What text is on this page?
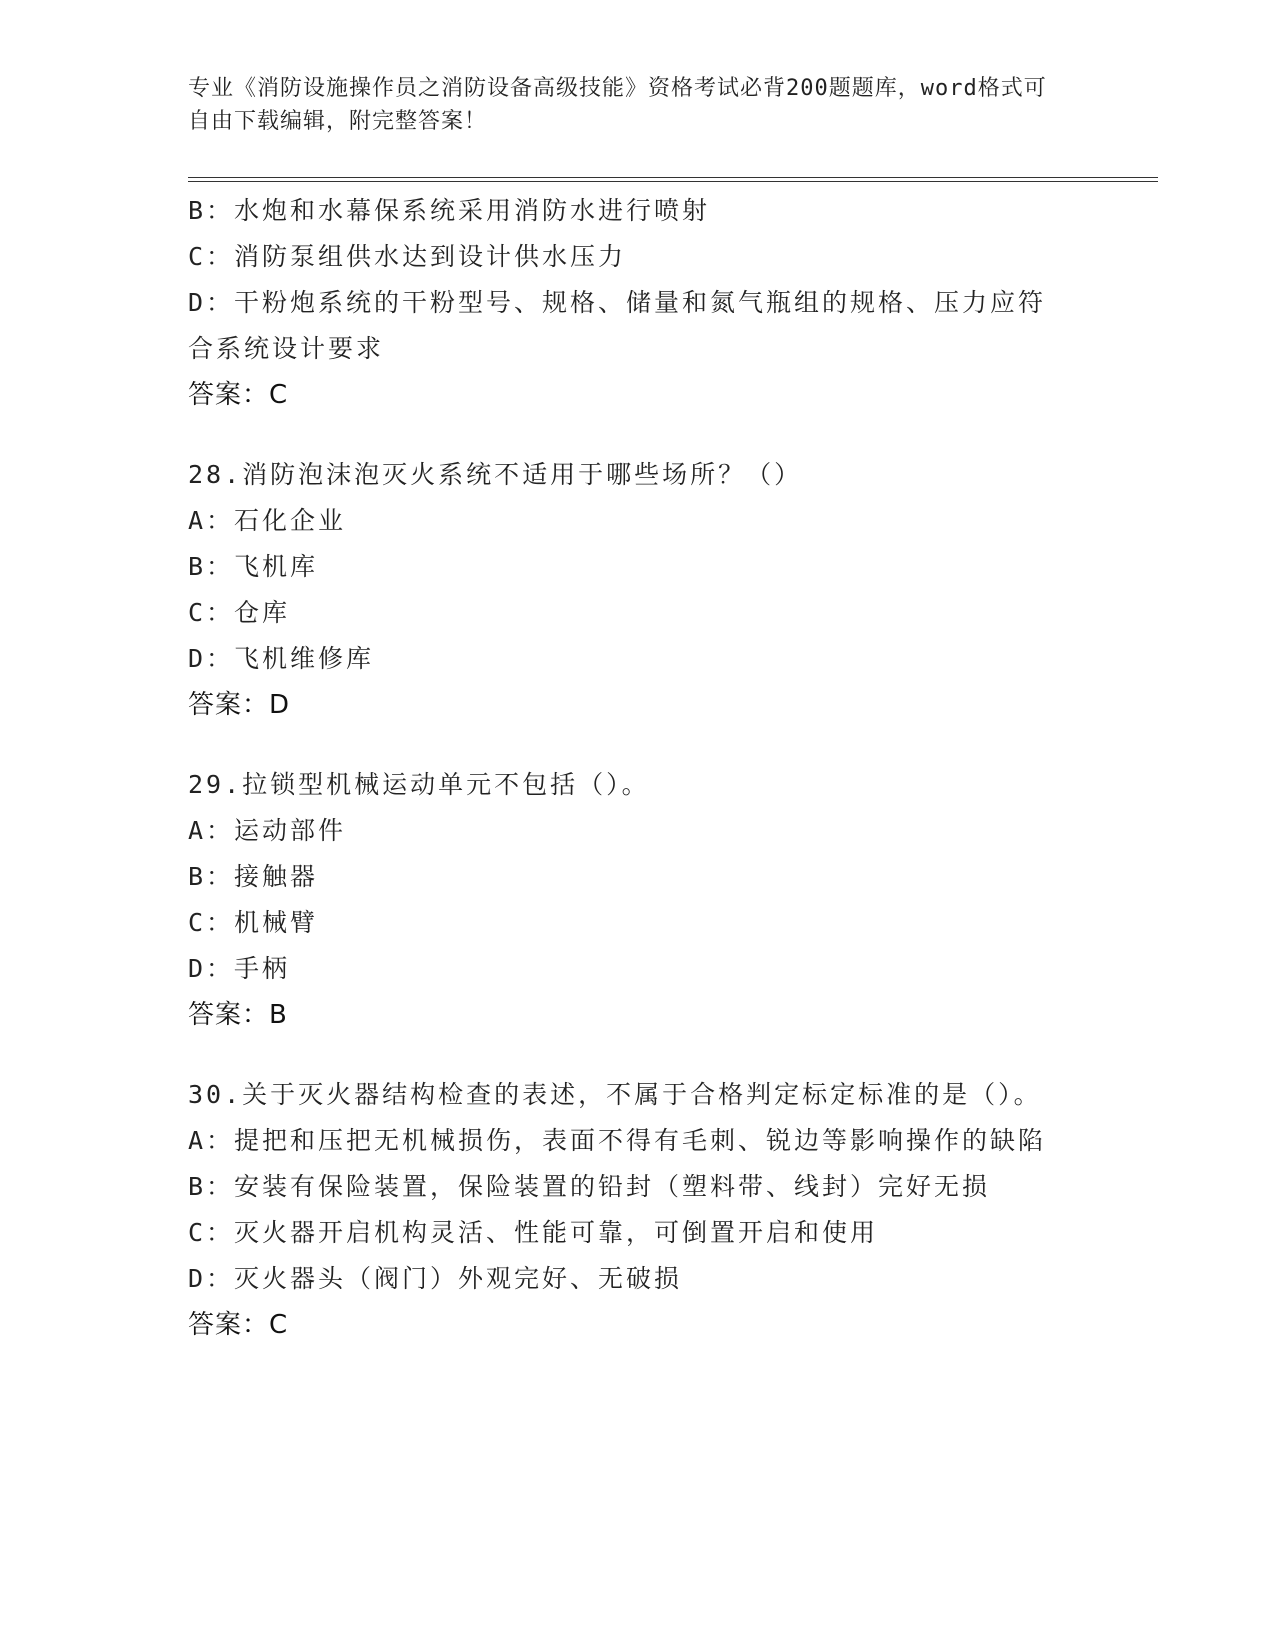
专业《消防设施操作员之消防设备高级技能》资格考试必背200题题库，word格式可自由下载编辑，附完整答案！
B：水炮和水幕保系统采用消防水进行喷射
C：消防泵组供水达到设计供水压力
D：干粉炮系统的干粉型号、规格、储量和氮气瓶组的规格、压力应符
合系统设计要求
答案：C
28.消防泡沫泡灭火系统不适用于哪些场所？（）
A：石化企业
B：飞机库
C：仓库
D：飞机维修库
答案：D
29.拉锁型机械运动单元不包括（）。
A：运动部件
B：接触器
C：机械臂
D：手柄
答案：B
30.关于灭火器结构检查的表述，不属于合格判定标定标准的是（）。
A：提把和压把无机械损伤，表面不得有毛刺、锐边等影响操作的缺陷
B：安装有保险装置，保险装置的铅封（塑料带、线封）完好无损
C：灭火器开启机构灵活、性能可靠，可倒置开启和使用
D：灭火器头（阀门）外观完好、无破损
答案：C
